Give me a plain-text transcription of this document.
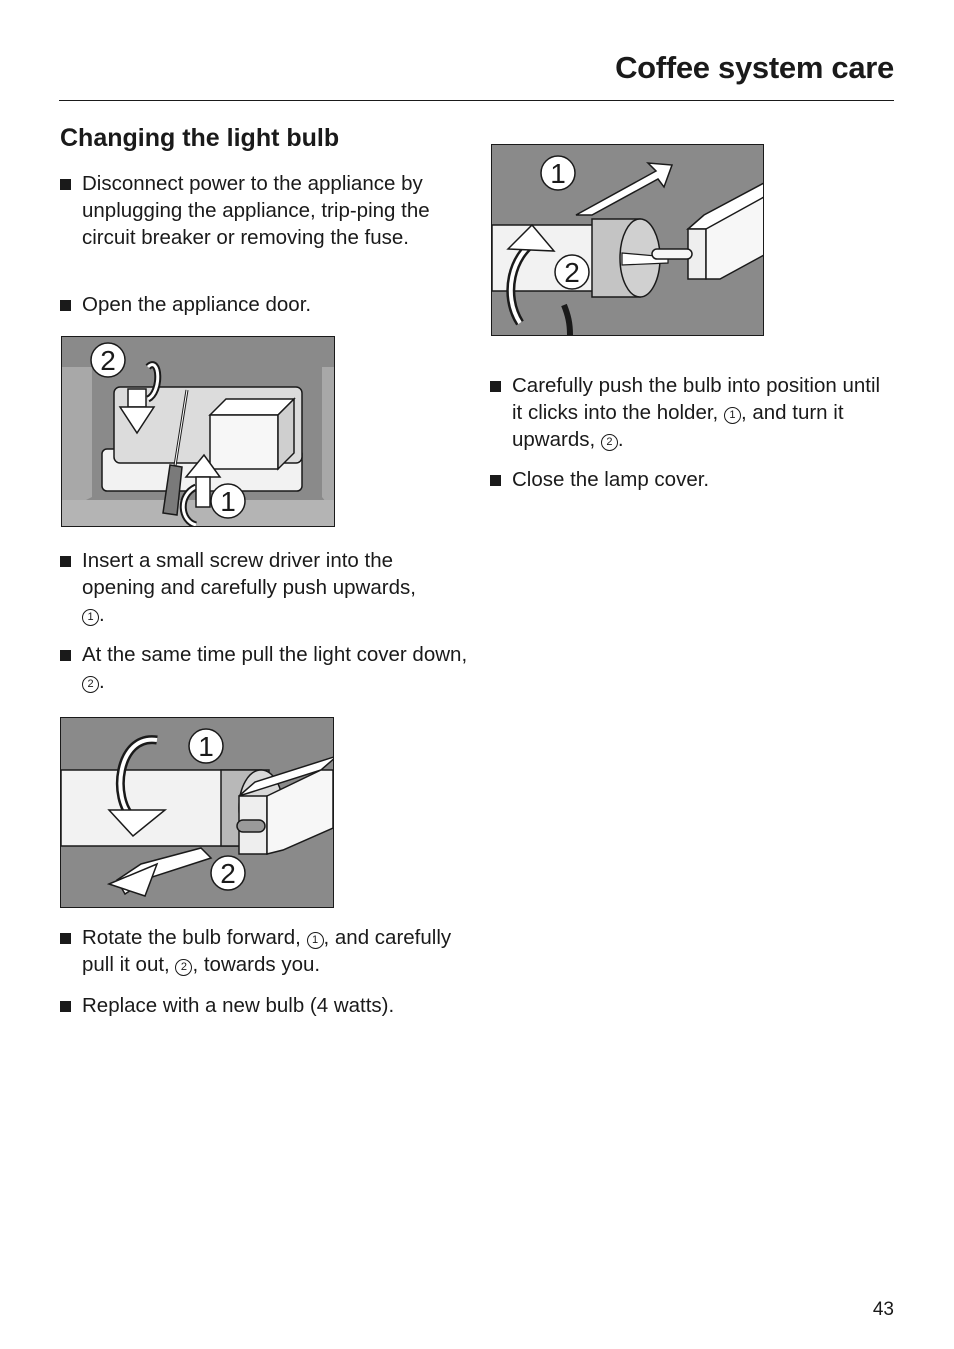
Coffee system care
Changing the light bulb
Disconnect power to the appliance by unplugging the appliance, trip-ping the circuit breaker or removing the fuse.
Open the appliance door.
2
1
Insert a small screw driver into the opening and carefully push upwards,
1 .
At the same time pull the light cover down, 2 .
1
2
Rotate the bulb forward, 1 , and carefully pull it out, 2 , towards you.
Replace with a new bulb (4 watts).
1
2
Carefully push the bulb into position until it clicks into the holder, 1 , and turn it upwards, 2 .
Close the lamp cover.
43
